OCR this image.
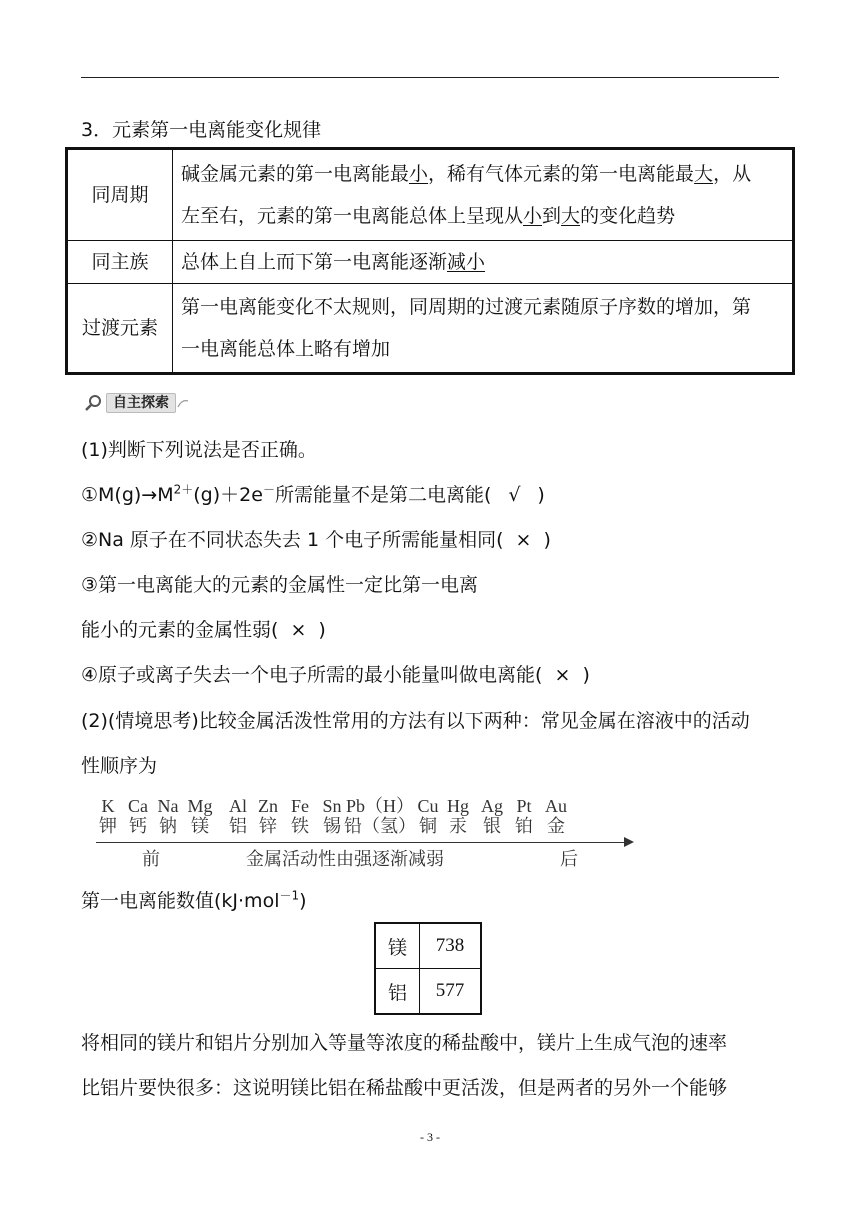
3．元素第一电离能变化规律
同周期	碱金属元素的第一电离能最小，稀有气体元素的第一电离能最大，从
左至右，元素的第一电离能总体上呈现从小到大的变化趋势

同主族	总体上自上而下第一电离能逐渐减小

过渡元素	第一电离能变化不太规则，同周期的过渡元素随原子序数的增加，第
一电离能总体上略有增加
自主探索
(1)判断下列说法是否正确。
$①M(g)\to M^{2+}(g)+2e^-$所需能量不是第二电离能( √ )
②Na 原子在不同状态失去 1 个电子所需能量相同( × )
③第一电离能大的元素的金属性一定比第一电离
能小的元素的金属性弱( × )
④原子或离子失去一个电子所需的最小能量叫做电离能( × )
(2)(情境思考)比较金属活泼性常用的方法有以下两种：常见金属在溶液中的活动
性顺序为
K
钾
Ca
钙
Na
钠
Mg
镁
Al
铝
Zn
锌
Fe
铁
Sn
锡
Pb（H）
铅（氢）
Cu
铜
Hg
汞
Ag
银
Pt
铂
Au
金
前	金属活动性由强逐渐减弱	后
第一电离能数值(kJ·mol$^{-1}$)
镁	738
铝	577
将相同的镁片和铝片分别加入等量等浓度的稀盐酸中，镁片上生成气泡的速率
比铝片要快很多：这说明镁比铝在稀盐酸中更活泼，但是两者的另外一个能够
- 3 -
